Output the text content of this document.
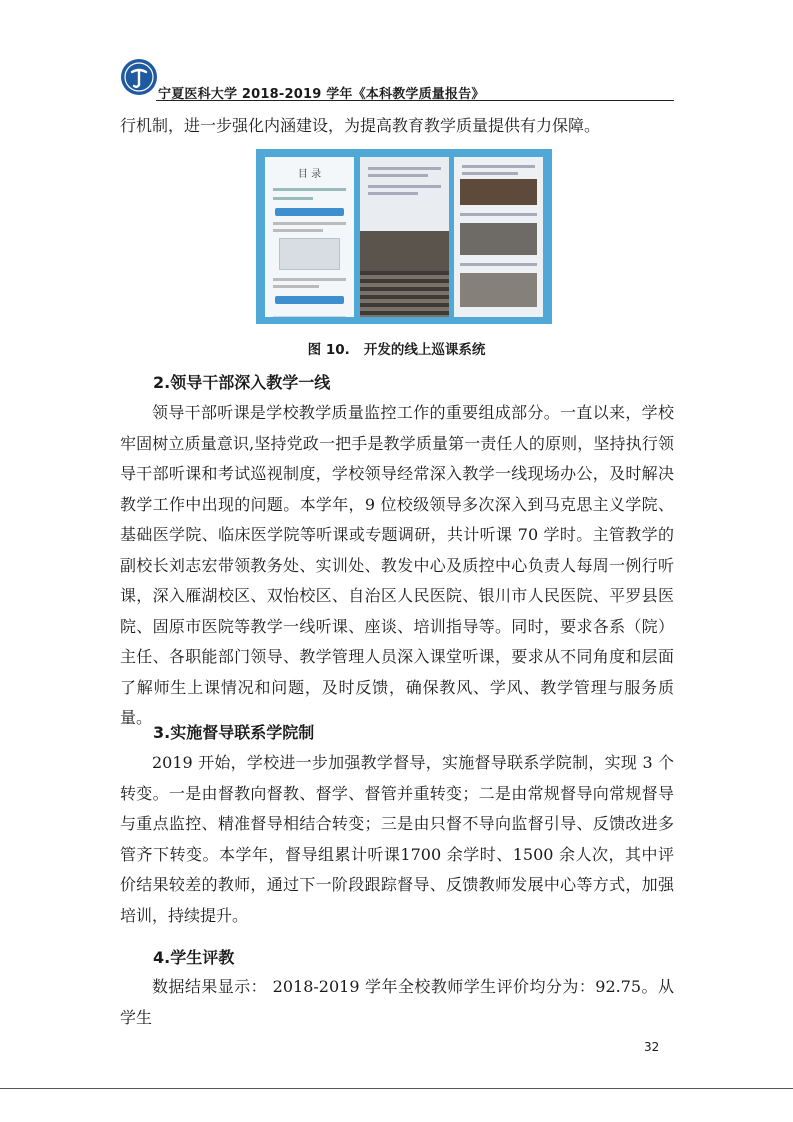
宁夏医科大学 2018-2019 学年《本科教学质量报告》
行机制，进一步强化内涵建设，为提高教育教学质量提供有力保障。
目 录
图 10.   开发的线上巡课系统
2.领导干部深入教学一线
领导干部听课是学校教学质量监控工作的重要组成部分。一直以来，学校牢固树立质量意识,坚持党政一把手是教学质量第一责任人的原则，坚持执行领导干部听课和考试巡视制度，学校领导经常深入教学一线现场办公，及时解决教学工作中出现的问题。本学年，9 位校级领导多次深入到马克思主义学院、基础医学院、临床医学院等听课或专题调研，共计听课 70 学时。主管教学的副校长刘志宏带领教务处、实训处、教发中心及质控中心负责人每周一例行听课，深入雁湖校区、双怡校区、自治区人民医院、银川市人民医院、平罗县医院、固原市医院等教学一线听课、座谈、培训指导等。同时，要求各系（院）主任、各职能部门领导、教学管理人员深入课堂听课，要求从不同角度和层面了解师生上课情况和问题，及时反馈，确保教风、学风、教学管理与服务质量。
3.实施督导联系学院制
2019 开始，学校进一步加强教学督导，实施督导联系学院制，实现 3 个转变。一是由督教向督教、督学、督管并重转变；二是由常规督导向常规督导与重点监控、精准督导相结合转变；三是由只督不导向监督引导、反馈改进多管齐下转变。本学年，督导组累计听课1700 余学时、1500 余人次，其中评价结果较差的教师，通过下一阶段跟踪督导、反馈教师发展中心等方式，加强培训，持续提升。
4.学生评教
数据结果显示： 2018-2019 学年全校教师学生评价均分为：92.75。从学生
32
